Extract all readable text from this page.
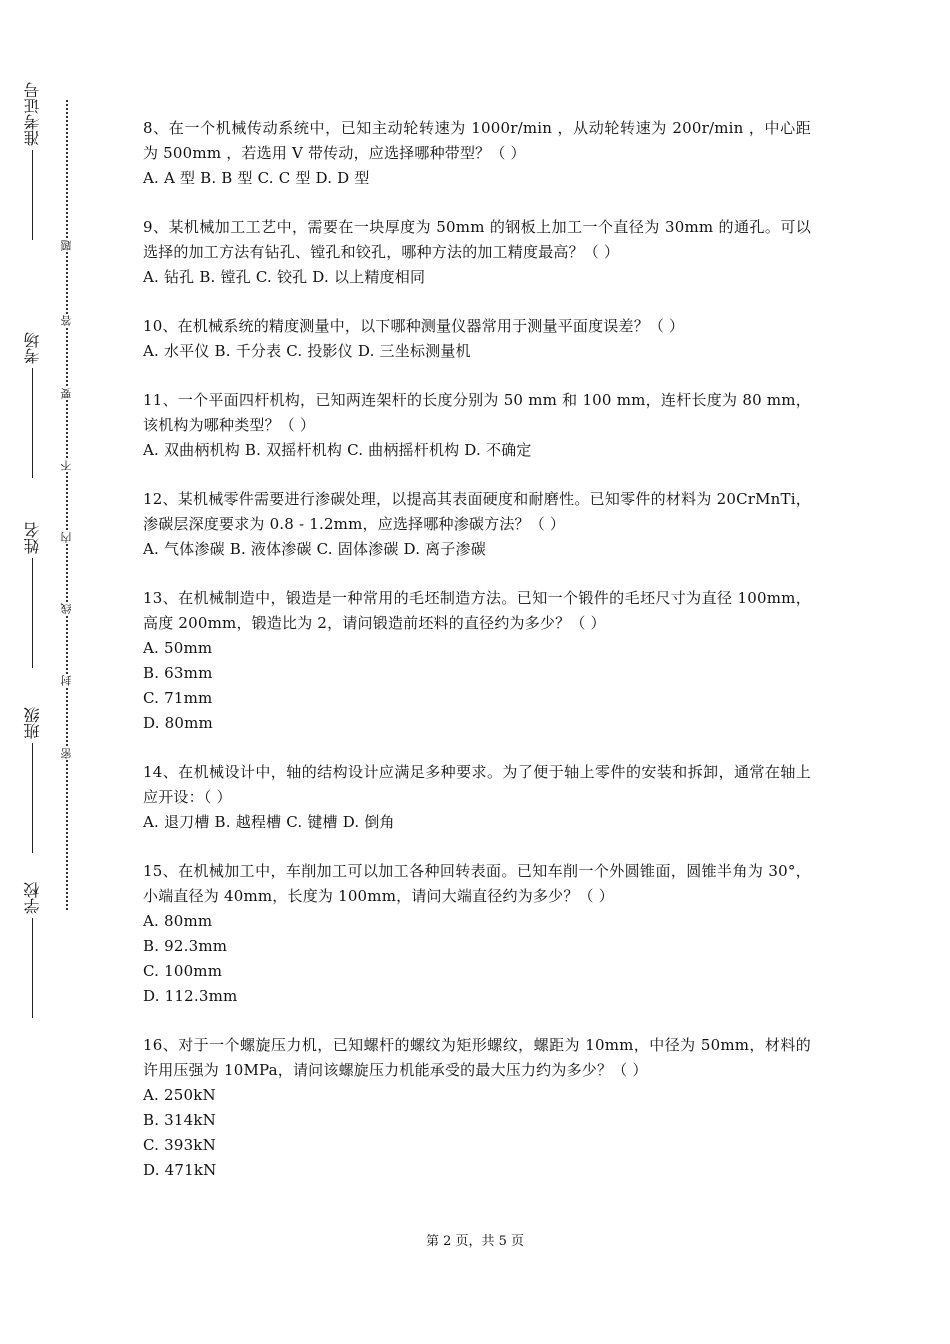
准考证号
考场
姓名
班级
学校
题
答
要
不
内
线
封
密
8、在一个机械传动系统中，已知主动轮转速为 1000r/min ，从动轮转速为 200r/min ，中心距为 500mm ，若选用 V 带传动，应选择哪种带型？（ ）
A. A 型 B. B 型 C. C 型 D. D 型
9、某机械加工工艺中，需要在一块厚度为 50mm 的钢板上加工一个直径为 30mm 的通孔。可以选择的加工方法有钻孔、镗孔和铰孔，哪种方法的加工精度最高？（ ）
A. 钻孔 B. 镗孔 C. 铰孔 D. 以上精度相同
10、在机械系统的精度测量中，以下哪种测量仪器常用于测量平面度误差？（ ）
A. 水平仪 B. 千分表 C. 投影仪 D. 三坐标测量机
11、一个平面四杆机构，已知两连架杆的长度分别为 50 mm 和 100 mm，连杆长度为 80 mm，该机构为哪种类型？（ ）
A. 双曲柄机构 B. 双摇杆机构 C. 曲柄摇杆机构 D. 不确定
12、某机械零件需要进行渗碳处理，以提高其表面硬度和耐磨性。已知零件的材料为 20CrMnTi，渗碳层深度要求为 0.8 - 1.2mm，应选择哪种渗碳方法？（ ）
A. 气体渗碳 B. 液体渗碳 C. 固体渗碳 D. 离子渗碳
13、在机械制造中，锻造是一种常用的毛坯制造方法。已知一个锻件的毛坯尺寸为直径 100mm，高度 200mm，锻造比为 2，请问锻造前坯料的直径约为多少？（ ）
A. 50mm
B. 63mm
C. 71mm
D. 80mm
14、在机械设计中，轴的结构设计应满足多种要求。为了便于轴上零件的安装和拆卸，通常在轴上应开设：（ ）
A. 退刀槽 B. 越程槽 C. 键槽 D. 倒角
15、在机械加工中，车削加工可以加工各种回转表面。已知车削一个外圆锥面，圆锥半角为 30°，小端直径为 40mm，长度为 100mm，请问大端直径约为多少？（ ）
A. 80mm
B. 92.3mm
C. 100mm
D. 112.3mm
16、对于一个螺旋压力机，已知螺杆的螺纹为矩形螺纹，螺距为 10mm，中径为 50mm，材料的许用压强为 10MPa，请问该螺旋压力机能承受的最大压力约为多少？（ ）
A. 250kN
B. 314kN
C. 393kN
D. 471kN
第 2 页，共 5 页
